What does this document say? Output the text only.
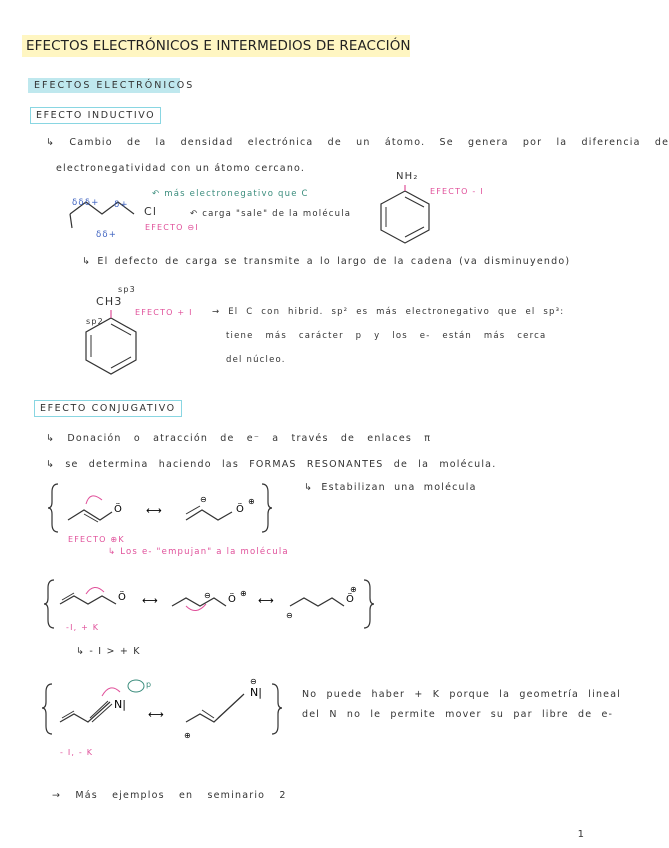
EFECTOS ELECTRÓNICOS E INTERMEDIOS DE REACCIÓN
EFECTOS ELECTRÓNICOS
EFECTO INDUCTIVO
↳ Cambio de la densidad electrónica de un átomo. Se genera por la diferencia de
electronegatividad con un átomo cercano.
δδδ+ δ+
δδ+
Cl
↶ más electronegativo que C
↶ carga "sale" de la molécula
EFECTO ⊖I
NH₂
EFECTO - I
↳ El defecto de carga se transmite a lo largo de la cadena (va disminuyendo)
CH3
sp3
sp2
EFECTO + I → El C con hibrid. sp² es más electronegativo que el sp³:
tiene más carácter p y los e- están más cerca
del núcleo.
EFECTO CONJUGATIVO
↳ Donación o atracción de e⁻ a través de enlaces π
↳ se determina haciendo las FORMAS RESONANTES de la molécula.
Ö ⟷
⊖
Ö
⊕
↳ Estabilizan una molécula
EFECTO ⊕K
↳ Los e- "empujan" a la molécula
Ö ⟷	⊖ Ö
⊕
⟷
⊖
Ö
⊕
-I, + K
↳ - I > + K
N|
⟷
⊕
N|
⊖
p
- I, - K
No puede haber + K porque la geometría lineal
del N no le permite mover su par libre de e-
→ Más ejemplos en seminario 2
1
